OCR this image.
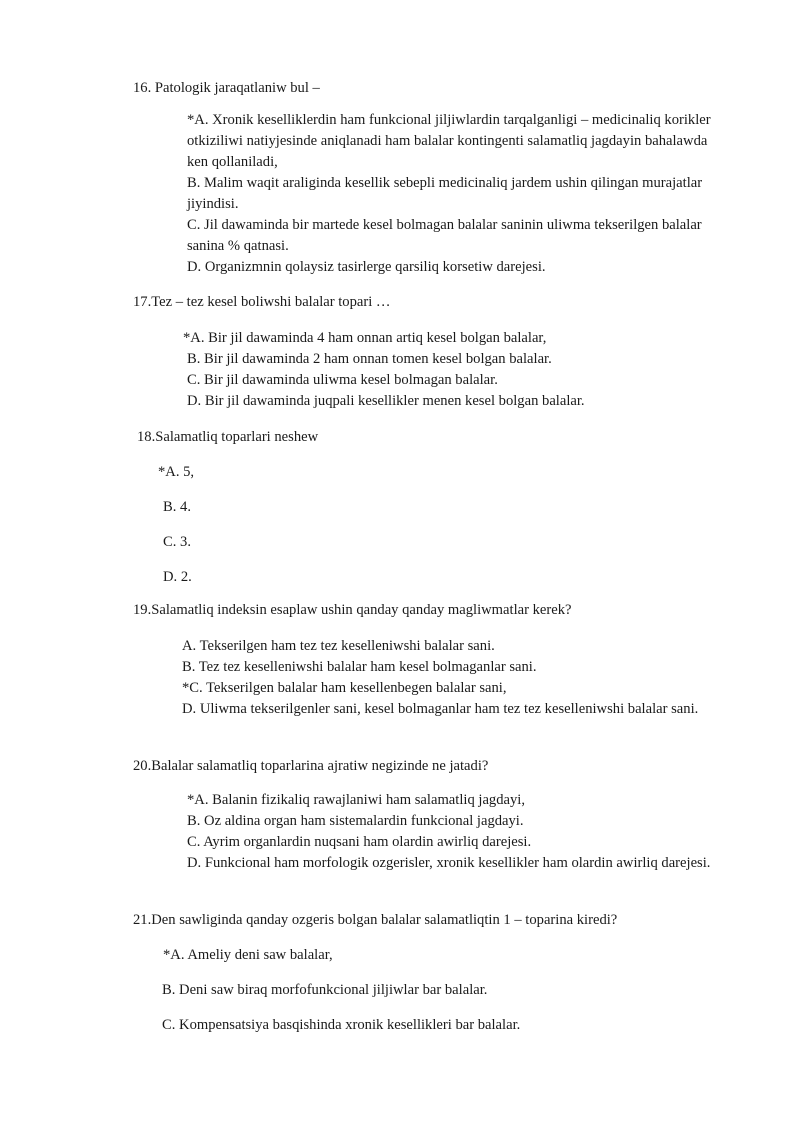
16. Patologik jaraqatlaniw bul –

*A. Xronik keselliklerdin ham funkcional jiljiwlardin tarqalganligi – medicinaliq korikler otkiziliwi natiyjesinde aniqlanadi ham balalar kontingenti salamatliq jagdayin bahalawda ken qollaniladi,
B. Malim waqit araliginda kesellik sebepli medicinaliq jardem ushin qilingan murajatlar jiyindisi.
C. Jil dawaminda bir martede kesel bolmagan balalar saninin uliwma tekserilgen balalar sanina % qatnasi.
D. Organizmnin qolaysiz tasirlerge qarsiliq korsetiw darejesi.

17.Tez – tez kesel boliwshi balalar topari …

*A. Bir jil dawaminda 4 ham onnan artiq kesel bolgan balalar,
B. Bir jil dawaminda 2 ham onnan tomen kesel bolgan balalar.
C. Bir jil dawaminda uliwma kesel bolmagan balalar.
D. Bir jil dawaminda juqpali kesellikler menen kesel bolgan balalar.

18.Salamatliq toparlari neshew

*A. 5,
B. 4.
C. 3.
D. 2.

19.Salamatliq indeksin esaplaw ushin qanday qanday magliwmatlar kerek?

A. Tekserilgen ham tez tez keselleniwshi balalar sani.
B. Tez tez keselleniwshi balalar ham kesel bolmaganlar sani.
*C. Tekserilgen balalar ham kesellenbegen balalar sani,
D. Uliwma tekserilgenler sani, kesel bolmaganlar ham tez tez keselleniwshi balalar sani.

20.Balalar salamatliq toparlarina ajratiw negizinde ne jatadi?

*A. Balanin fizikaliq rawajlaniwi ham salamatliq jagdayi,
B. Oz aldina organ ham sistemalardin funkcional jagdayi.
C. Ayrim organlardin nuqsani ham olardin awirliq darejesi.
D. Funkcional ham morfologik ozgerisler, xronik kesellikler ham olardin awirliq darejesi.

21.Den sawliginda qanday ozgeris bolgan balalar salamatliqtin 1 – toparina kiredi?

*A. Ameliy deni saw balalar,
B. Deni saw biraq morfofunkcional jiljiwlar bar balalar.
C. Kompensatsiya basqishinda xronik keselliklerі bar balalar.
